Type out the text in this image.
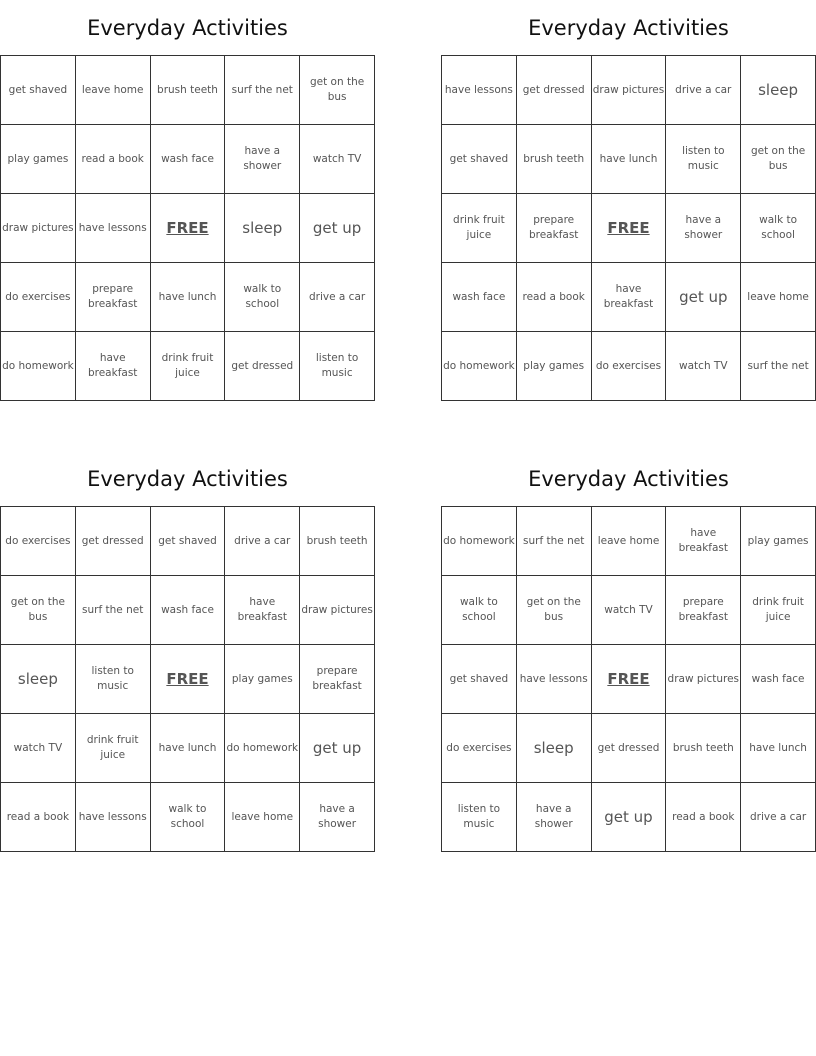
Everyday Activities
get shaved	leave home	brush teeth	surf the net	get on the bus
play games	read a book	wash face	have a shower	watch TV
draw pictures	have lessons	FREE	sleep	get up
do exercises	prepare breakfast	have lunch	walk to school	drive a car
do homework	have breakfast	drink fruit juice	get dressed	listen to music
Everyday Activities
have lessons	get dressed	draw pictures	drive a car	sleep
get shaved	brush teeth	have lunch	listen to music	get on the bus
drink fruit juice	prepare breakfast	FREE	have a shower	walk to school
wash face	read a book	have breakfast	get up	leave home
do homework	play games	do exercises	watch TV	surf the net
Everyday Activities
do exercises	get dressed	get shaved	drive a car	brush teeth
get on the bus	surf the net	wash face	have breakfast	draw pictures
sleep	listen to music	FREE	play games	prepare breakfast
watch TV	drink fruit juice	have lunch	do homework	get up
read a book	have lessons	walk to school	leave home	have a shower
Everyday Activities
do homework	surf the net	leave home	have breakfast	play games
walk to school	get on the bus	watch TV	prepare breakfast	drink fruit juice
get shaved	have lessons	FREE	draw pictures	wash face
do exercises	sleep	get dressed	brush teeth	have lunch
listen to music	have a shower	get up	read a book	drive a car
